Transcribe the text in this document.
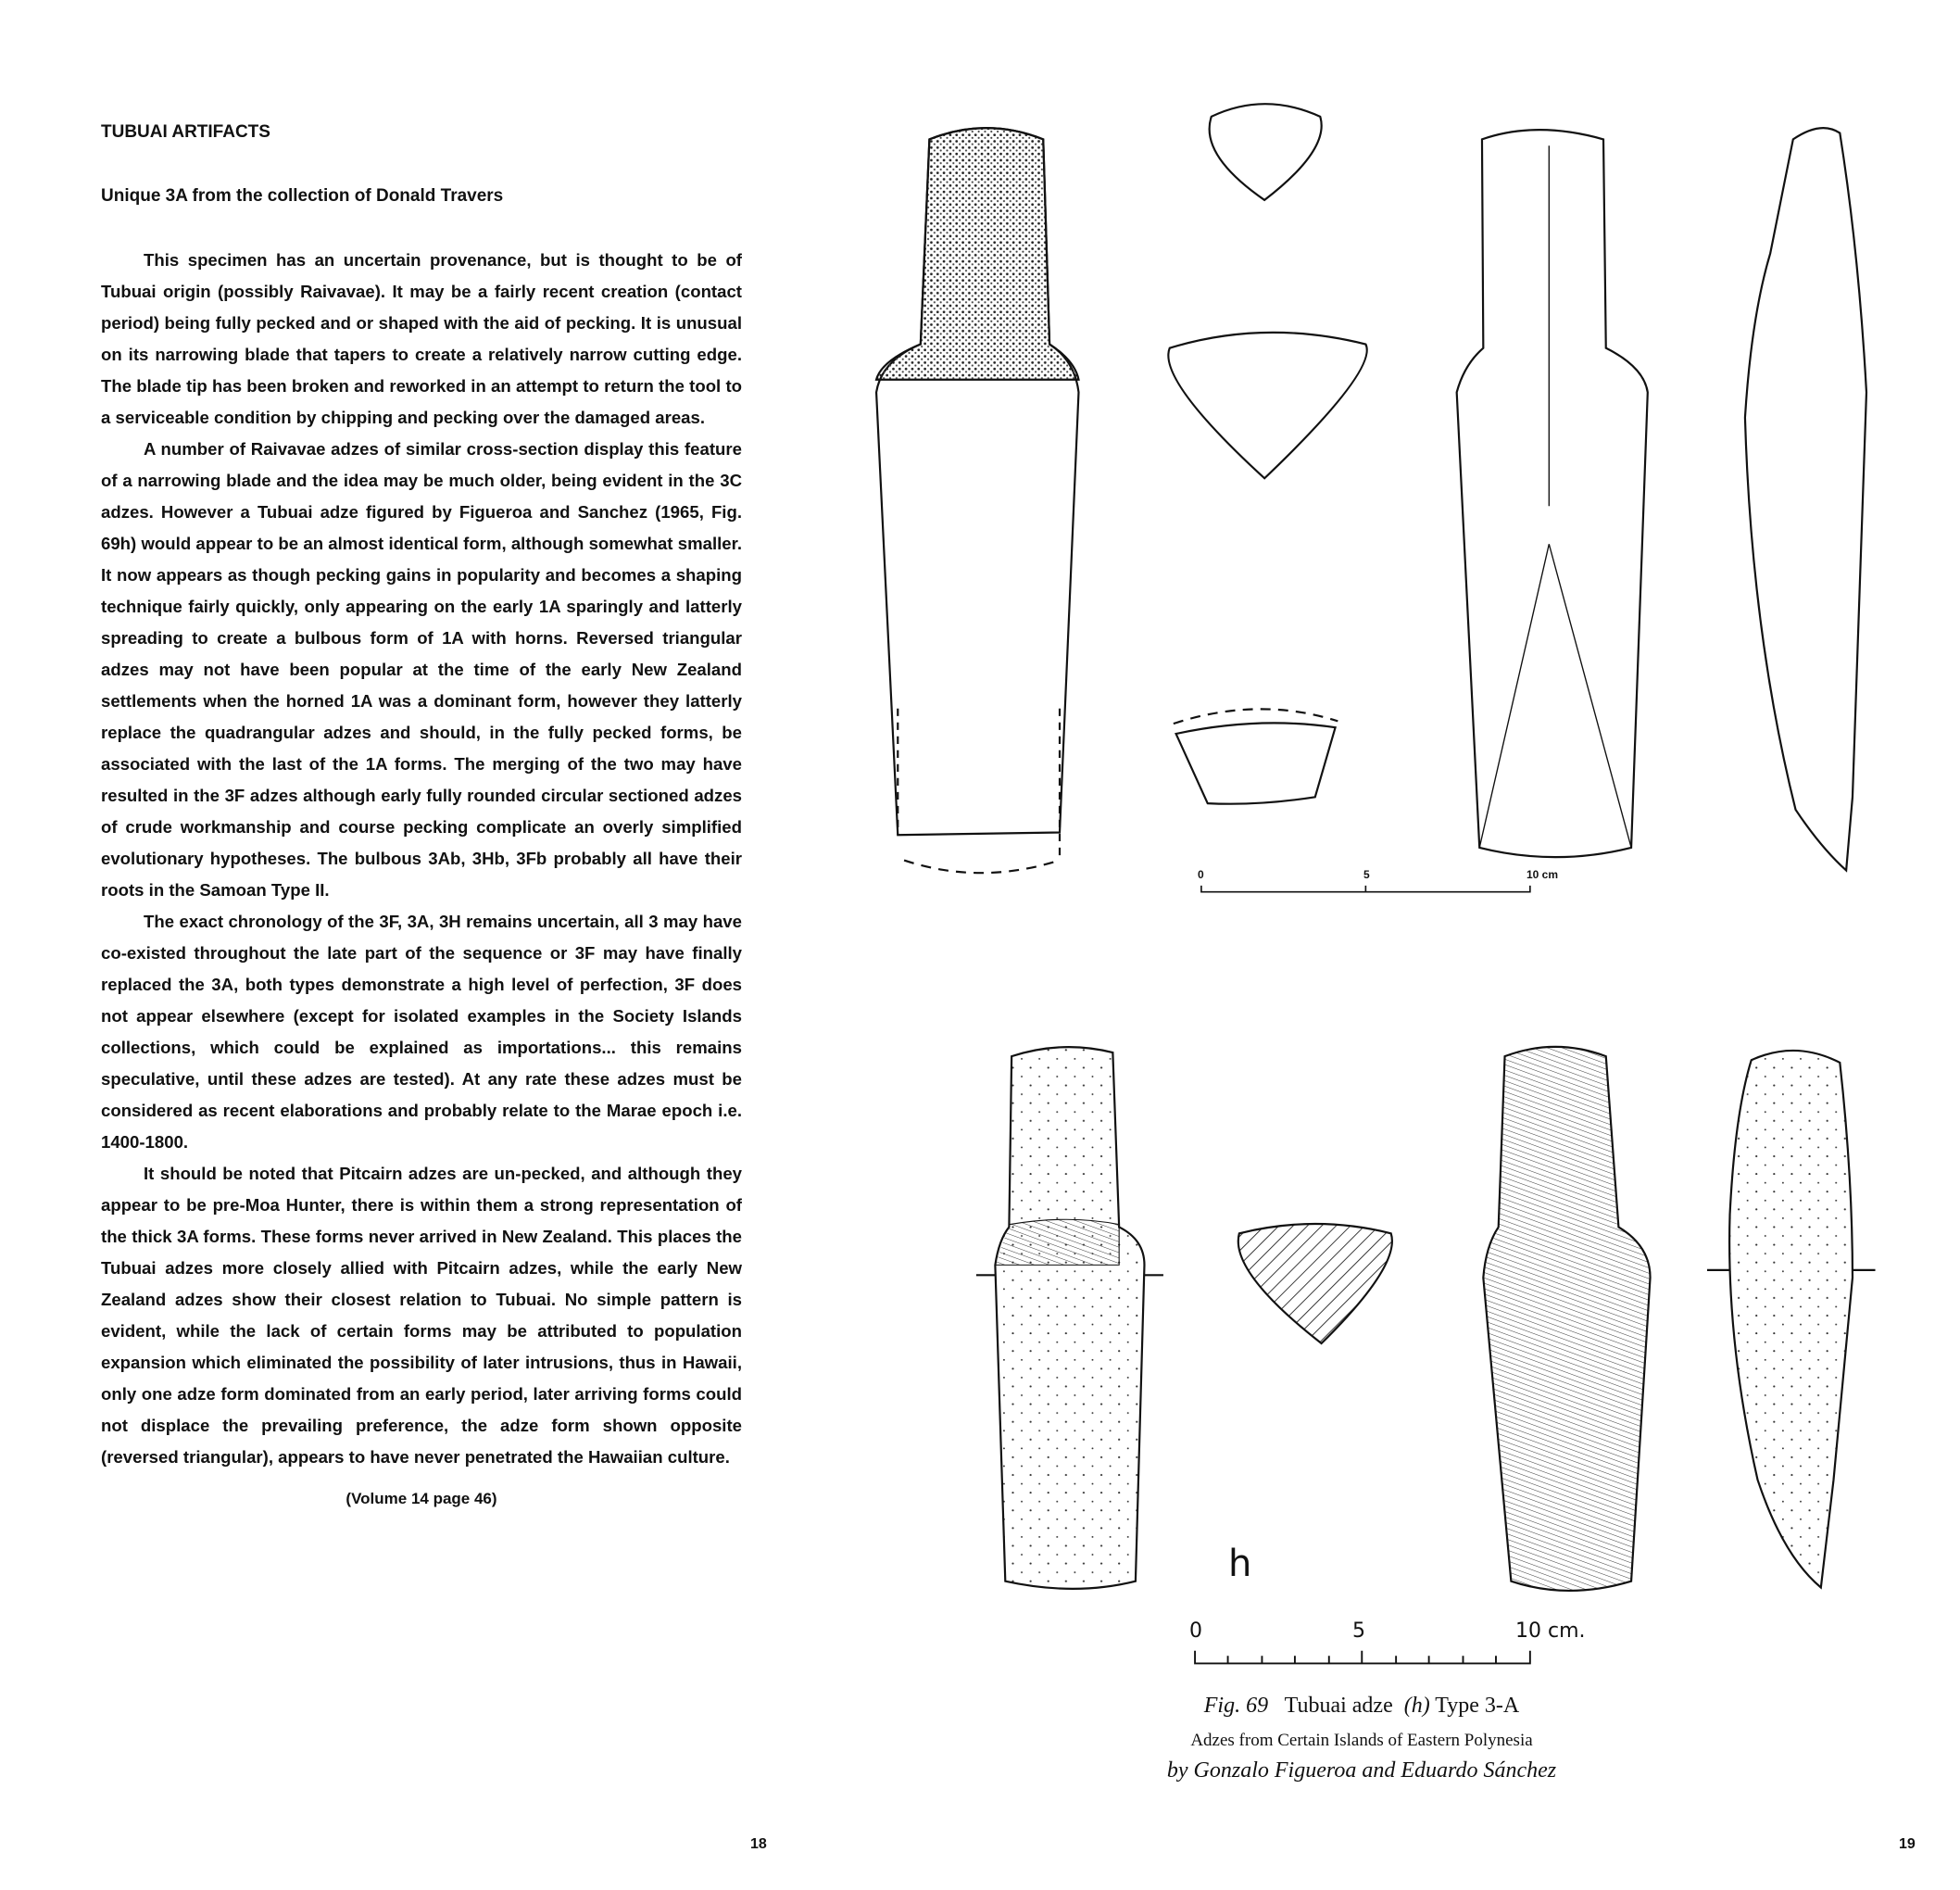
TUBUAI ARTIFACTS
Unique 3A from the collection of Donald Travers

This specimen has an uncertain provenance, but is thought to be of Tubuai origin (possibly Raivavae). It may be a fairly recent creation (contact period) being fully pecked and or shaped with the aid of pecking. It is unusual on its narrowing blade that tapers to create a relatively narrow cutting edge. The blade tip has been broken and reworked in an attempt to return the tool to a serviceable condition by chipping and pecking over the damaged areas.

A number of Raivavae adzes of similar cross-section display this feature of a narrowing blade and the idea may be much older, being evident in the 3C adzes. However a Tubuai adze figured by Figueroa and Sanchez (1965, Fig. 69h) would appear to be an almost identical form, although somewhat smaller. It now appears as though pecking gains in popularity and becomes a shaping technique fairly quickly, only appearing on the early 1A sparingly and latterly spreading to create a bulbous form of 1A with horns. Reversed triangular adzes may not have been popular at the time of the early New Zealand settlements when the horned 1A was a dominant form, however they latterly replace the quadrangular adzes and should, in the fully pecked forms, be associated with the last of the 1A forms. The merging of the two may have resulted in the 3F adzes although early fully rounded circular sectioned adzes of crude workmanship and course pecking complicate an overly simplified evolutionary hypotheses. The bulbous 3Ab, 3Hb, 3Fb probably all have their roots in the Samoan Type II.

The exact chronology of the 3F, 3A, 3H remains uncertain, all 3 may have co-existed throughout the late part of the sequence or 3F may have finally replaced the 3A, both types demonstrate a high level of perfection, 3F does not appear elsewhere (except for isolated examples in the Society Islands collections, which could be explained as importations... this remains speculative, until these adzes are tested). At any rate these adzes must be considered as recent elaborations and probably relate to the Marae epoch i.e. 1400-1800.

It should be noted that Pitcairn adzes are un-pecked, and although they appear to be pre-Moa Hunter, there is within them a strong representation of the thick 3A forms. These forms never arrived in New Zealand. This places the Tubuai adzes more closely allied with Pitcairn adzes, while the early New Zealand adzes show their closest relation to Tubuai. No simple pattern is evident, while the lack of certain forms may be attributed to population expansion which eliminated the possibility of later intrusions, thus in Hawaii, only one adze form dominated from an early period, later arriving forms could not displace the prevailing preference, the adze form shown opposite (reversed triangular), appears to have never penetrated the Hawaiian culture.

(Volume 14 page 46)
18	19
0	5	10 cm
h
0	5	10 cm.
Fig. 69 Tubuai adze (h) Type 3-A
Adzes from Certain Islands of Eastern Polynesia
by Gonzalo Figueroa and Eduardo Sánchez
